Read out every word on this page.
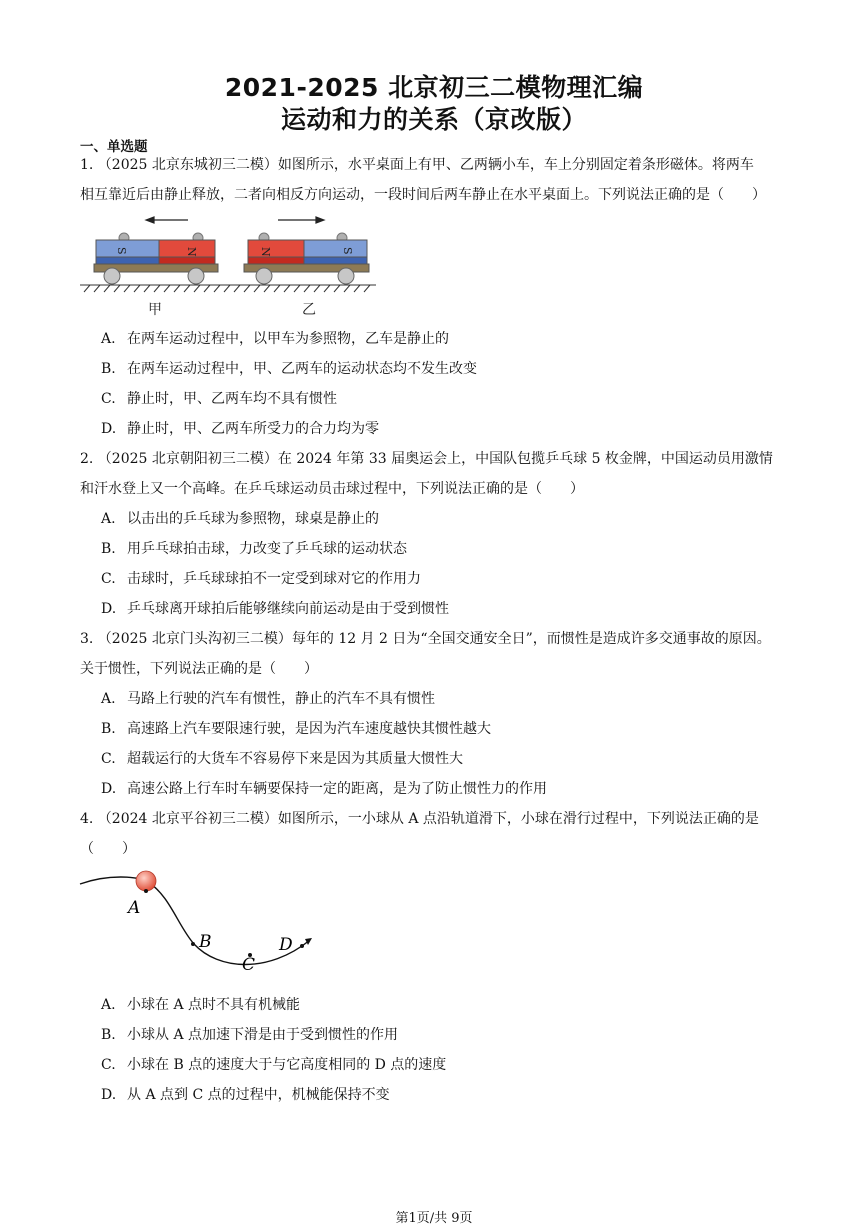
2021-2025 北京初三二模物理汇编
运动和力的关系（京改版）
一、单选题
1. （2025 北京东城初三二模）如图所示，水平桌面上有甲、乙两辆小车，车上分别固定着条形磁体。将两车
相互靠近后由静止释放，二者向相反方向运动，一段时间后两车静止在水平桌面上。下列说法正确的是（　　）
S	N	N	S
甲	乙
A. 在两车运动过程中，以甲车为参照物，乙车是静止的
B. 在两车运动过程中，甲、乙两车的运动状态均不发生改变
C. 静止时，甲、乙两车均不具有惯性
D. 静止时，甲、乙两车所受力的合力均为零
2. （2025 北京朝阳初三二模）在 2024 年第 33 届奥运会上，中国队包揽乒乓球 5 枚金牌，中国运动员用激情
和汗水登上又一个高峰。在乒乓球运动员击球过程中，下列说法正确的是（　　）
A. 以击出的乒乓球为参照物，球桌是静止的
B. 用乒乓球拍击球，力改变了乒乓球的运动状态
C. 击球时，乒乓球球拍不一定受到球对它的作用力
D. 乒乓球离开球拍后能够继续向前运动是由于受到惯性
3. （2025 北京门头沟初三二模）每年的 12 月 2 日为“全国交通安全日”，而惯性是造成许多交通事故的原因。
关于惯性，下列说法正确的是（　　）
A. 马路上行驶的汽车有惯性，静止的汽车不具有惯性
B. 高速路上汽车要限速行驶，是因为汽车速度越快其惯性越大
C. 超载运行的大货车不容易停下来是因为其质量大惯性大
D. 高速公路上行车时车辆要保持一定的距离，是为了防止惯性力的作用
4. （2024 北京平谷初三二模）如图所示，一小球从 A 点沿轨道滑下，小球在滑行过程中，下列说法正确的是
（　　）
A
B
C
D
A. 小球在 A 点时不具有机械能
B. 小球从 A 点加速下滑是由于受到惯性的作用
C. 小球在 B 点的速度大于与它高度相同的 D 点的速度
D. 从 A 点到 C 点的过程中，机械能保持不变
第1页/共 9页
